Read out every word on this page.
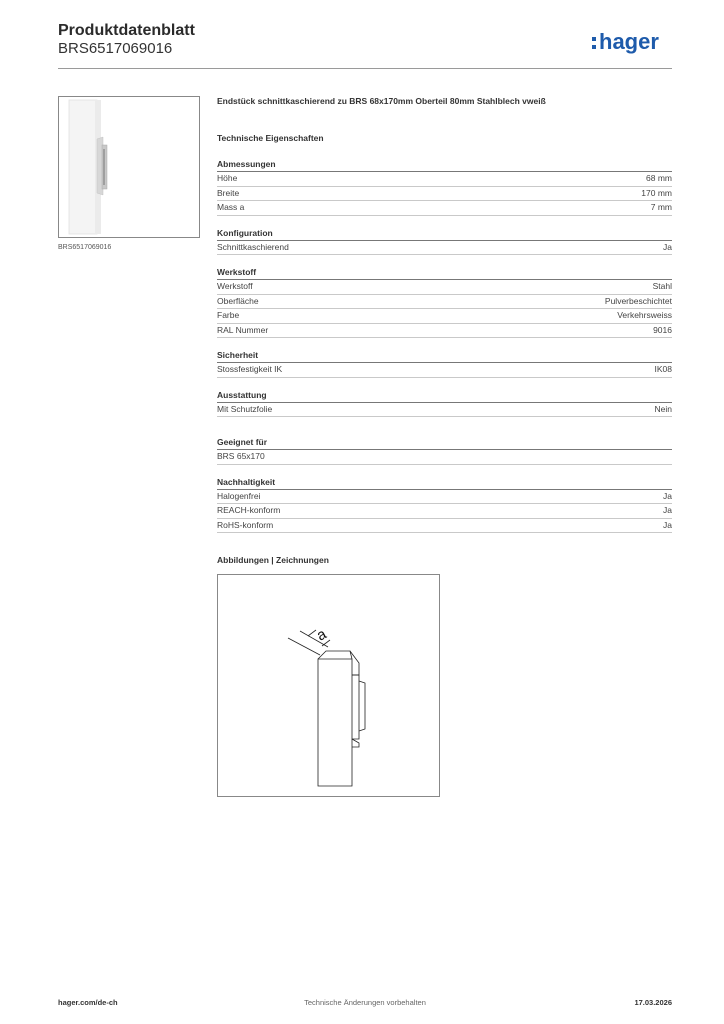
Produktdatenblatt
BRS6517069016	hager
BRS6517069016
Endstück schnittkaschierend zu BRS 68x170mm Oberteil 80mm Stahlblech vweiß
Technische Eigenschaften
Abmessungen
Höhe	68 mm
Breite	170 mm
Mass a	7 mm
Konfiguration
Schnittkaschierend	Ja
Werkstoff
Werkstoff	Stahl
Oberfläche	Pulverbeschichtet
Farbe	Verkehrsweiss
RAL Nummer	9016
Sicherheit
Stossfestigkeit IK	IK08
Ausstattung
Mit Schutzfolie	Nein
Geeignet für
BRS 65x170
Nachhaltigkeit
Halogenfrei	Ja
REACH-konform	Ja
RoHS-konform	Ja
Abbildungen | Zeichnungen
a
hager.com/de-ch	Technische Änderungen vorbehalten	17.03.2026
